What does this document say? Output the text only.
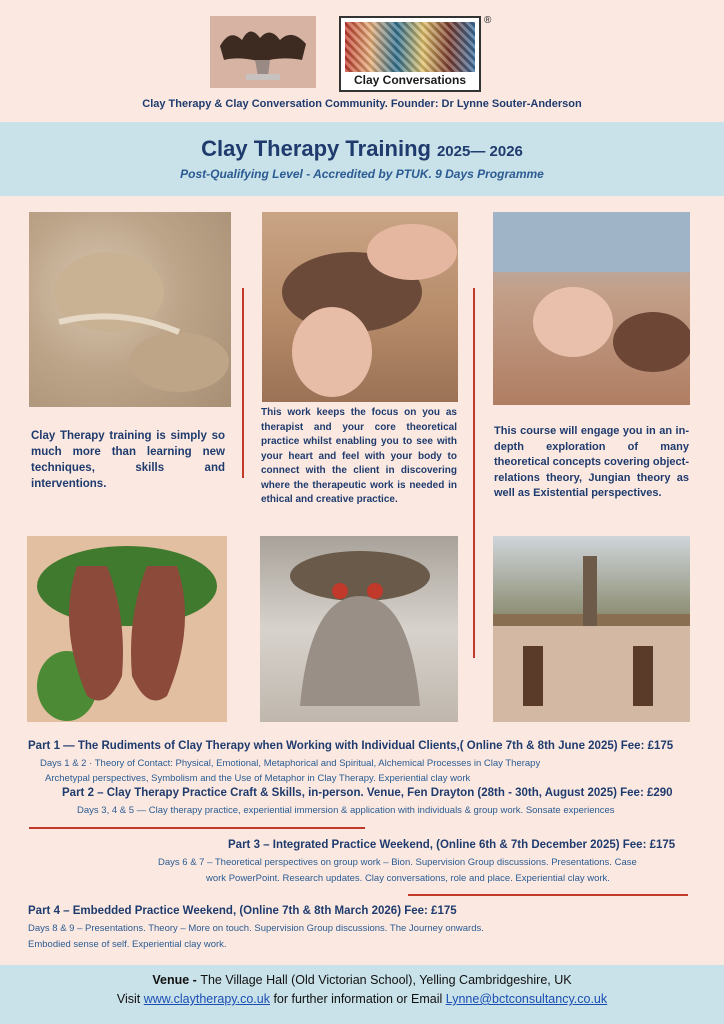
Clay Conversations
®
Clay Therapy & Clay Conversation Community. Founder: Dr Lynne Souter-Anderson
Clay Therapy Training 2025— 2026
Post-Qualifying Level - Accredited by PTUK. 9 Days Programme
Clay Therapy training is simply so much more than learning new techniques, skills and interventions.
This work keeps the focus on you as therapist and your core theoretical practice whilst enabling you to see with your heart and feel with your body to connect with the client in discovering where the therapeutic work is needed in ethical and creative practice.
This course will engage you in an in-depth exploration of many theoretical concepts covering object-relations theory, Jungian theory as well as Existential perspectives.
Part 1 — The Rudiments of Clay Therapy when Working with Individual Clients,( Online 7th & 8th June 2025) Fee: £175
Days 1 & 2 · Theory of Contact: Physical, Emotional, Metaphorical and Spiritual, Alchemical Processes in Clay Therapy
Archetypal perspectives, Symbolism and the Use of Metaphor in Clay Therapy. Experiential clay work
Part 2 – Clay Therapy Practice Craft & Skills, in-person. Venue, Fen Drayton (28th - 30th, August 2025) Fee: £290
Days 3, 4 & 5 — Clay therapy practice, experiential immersion & application with individuals & group work. Sonsate experiences
Part 3 – Integrated Practice Weekend, (Online 6th & 7th December 2025) Fee: £175
Days 6 & 7 – Theoretical perspectives on group work – Bion. Supervision Group discussions. Presentations. Case
work PowerPoint. Research updates. Clay conversations, role and place. Experiential clay work.
Part 4 – Embedded Practice Weekend, (Online 7th & 8th March 2026) Fee: £175
Days 8 & 9 – Presentations. Theory – More on touch. Supervision Group discussions. The Journey onwards.
Embodied sense of self. Experiential clay work.
Venue - The Village Hall (Old Victorian School), Yelling Cambridgeshire, UK
Visit www.claytherapy.co.uk for further information or Email Lynne@bctconsultancy.co.uk
